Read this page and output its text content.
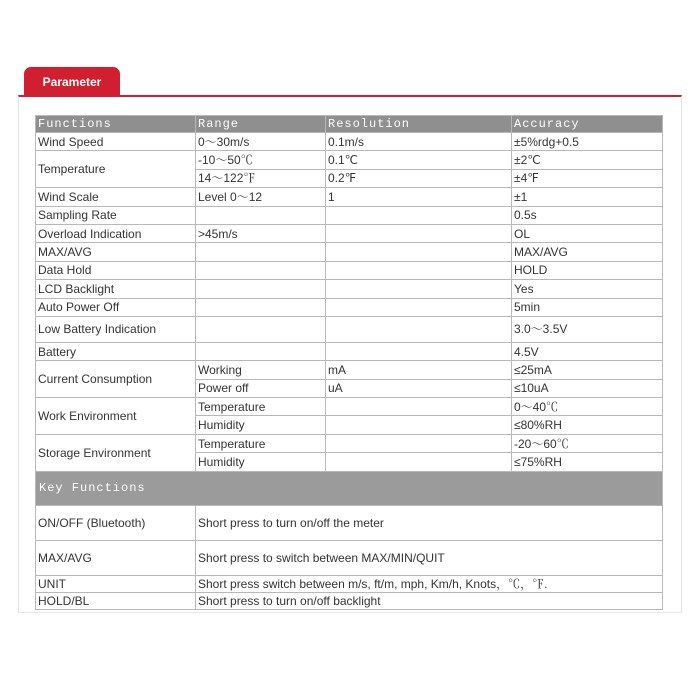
Parameter
Functions	Range	Resolution	Accuracy
Wind Speed	0～30m/s	0.1m/s	±5%rdg+0.5
Temperature	-10～50℃	0.1℃	±2℃
	14～122℉	0.2℉	±4℉
Wind Scale	Level 0～12	1	±1
Sampling Rate			0.5s
Overload Indication	>45m/s		OL
MAX/AVG			MAX/AVG
Data Hold			HOLD
LCD Backlight			Yes
Auto Power Off			5min
Low Battery Indication			3.0～3.5V
Battery			4.5V
Current Consumption	Working	mA	≤25mA
	Power off	uA	≤10uA
Work Environment	Temperature		0～40℃
	Humidity		≤80%RH
Storage Environment	Temperature		-20～60℃
	Humidity		≤75%RH
Key Functions			
ON/OFF (Bluetooth)	Short press to turn on/off the meter		
MAX/AVG	Short press to switch between MAX/MIN/QUIT		
UNIT	Short press switch between m/s, ft/m, mph, Km/h, Knots，℃，℉.		
HOLD/BL	Short press to turn on/off backlight		
